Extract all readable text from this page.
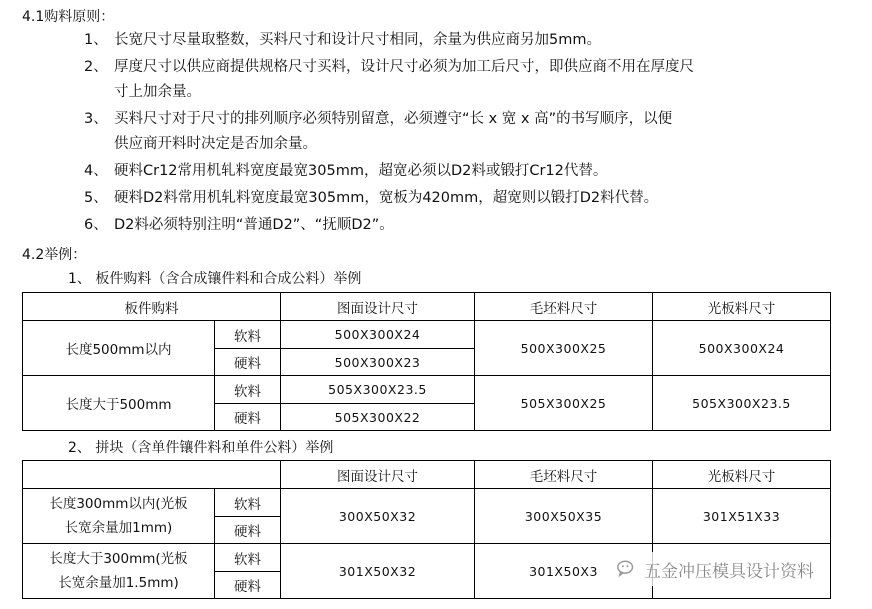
4.1购料原则：
1、 长宽尺寸尽量取整数，买料尺寸和设计尺寸相同，余量为供应商另加5mm。
2、 厚度尺寸以供应商提供规格尺寸买料，设计尺寸必须为加工后尺寸，即供应商不用在厚度尺
寸上加余量。
3、 买料尺寸对于尺寸的排列顺序必须特别留意，必须遵守“长 x 宽 x 高”的书写顺序，以便
供应商开料时决定是否加余量。
4、 硬料Cr12常用机轧料宽度最宽305mm，超宽必须以D2料或锻打Cr12代替。
5、 硬料D2料常用机轧料宽度最宽305mm，宽板为420mm，超宽则以锻打D2料代替。
6、 D2料必须特别注明“普通D2”、“抚顺D2”。
4.2举例：
1、 板件购料（含合成镶件料和合成公料）举例
板件购料		图面设计尺寸	毛坯料尺寸	光板料尺寸
长度500mm以内	软料	500X300X24	500X300X25	500X300X24
	硬料	500X300X23		
长度大于500mm	软料	505X300X23.5	505X300X25	505X300X23.5
	硬料	505X300X22		
2、 拼块（含单件镶件料和单件公料）举例
		图面设计尺寸	毛坯料尺寸	光板料尺寸

长度300mm以内(光板
长宽余量加1mm)	软料	300X50X32	300X50X35	301X51X33
	硬料			

长度大于300mm(光板
长宽余量加1.5mm)	软料	301X50X32	301X50X3	
	硬料			
五金冲压模具设计资料
